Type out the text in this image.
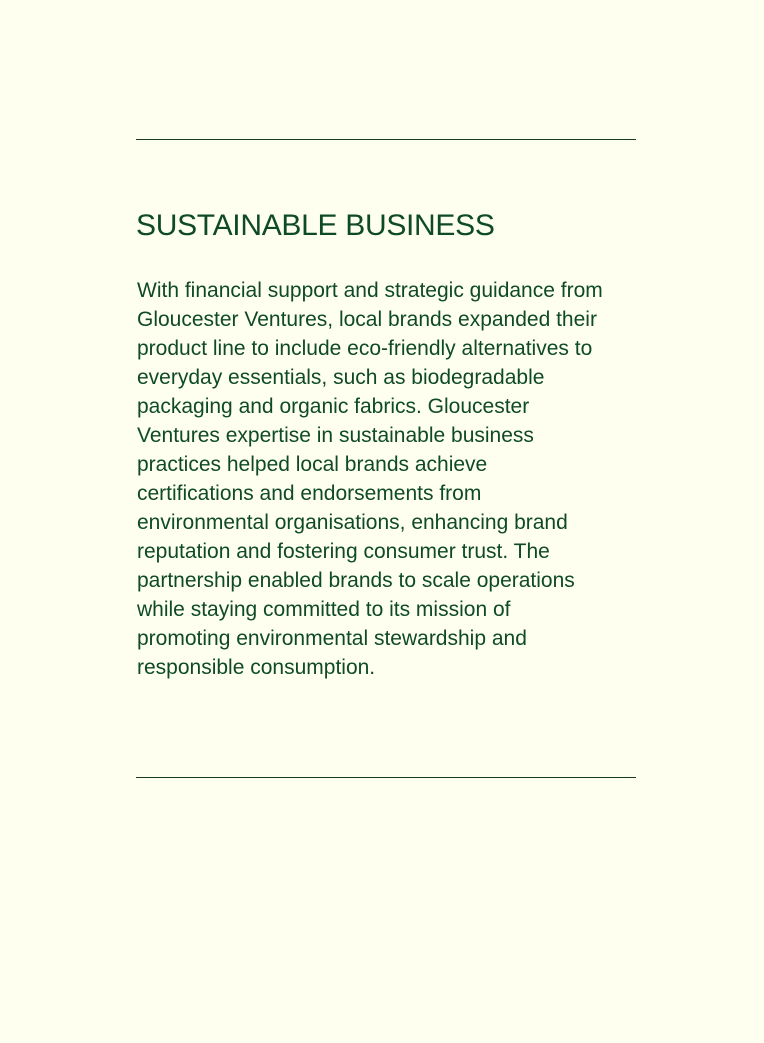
SUSTAINABLE BUSINESS

With financial support and strategic guidance from Gloucester Ventures, local brands expanded their product line to include eco-friendly alternatives to everyday essentials, such as biodegradable packaging and organic fabrics. Gloucester Ventures expertise in sustainable business practices helped local brands achieve certifications and endorsements from environmental organisations, enhancing brand reputation and fostering consumer trust. The partnership enabled brands to scale operations while staying committed to its mission of promoting environmental stewardship and responsible consumption.
